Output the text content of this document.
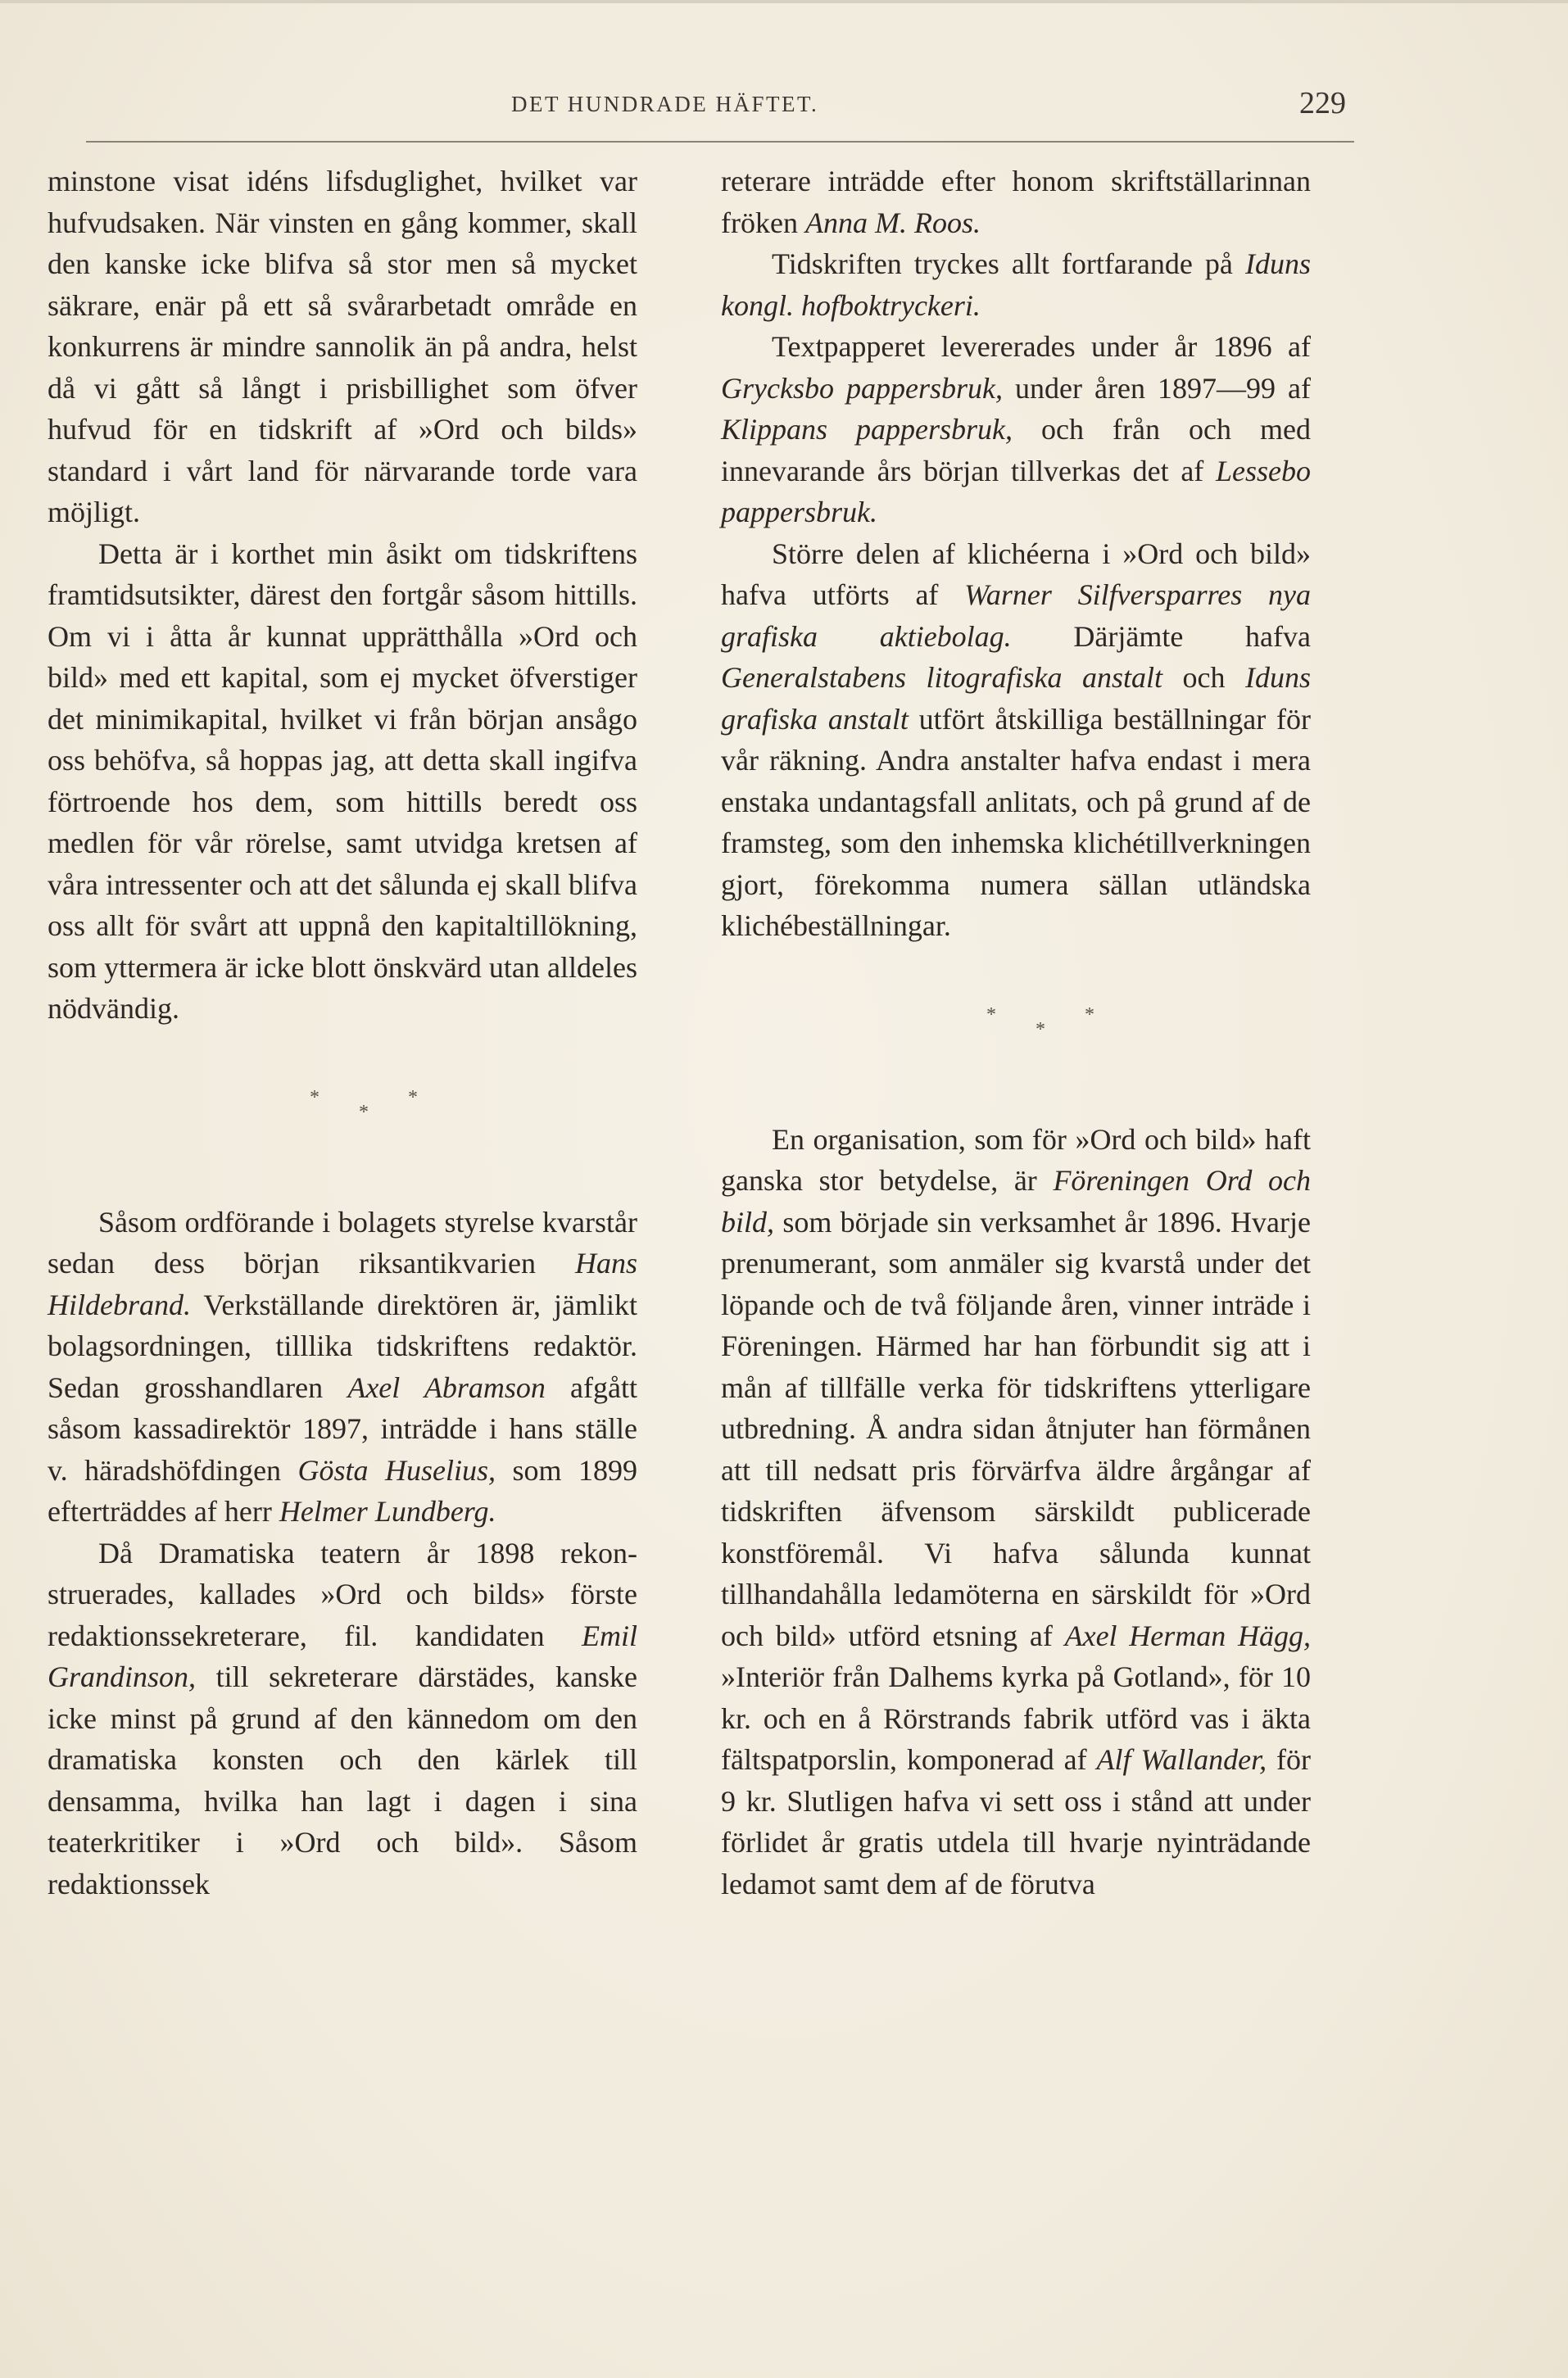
DET HUNDRADE HÄFTET.	229

minstone visat idéns lifsduglighet, hvilket var hufvudsaken. När vinsten en gång kommer, skall den kanske icke blifva så stor men så mycket säkrare, enär på ett så svårarbetadt område en konkurrens är mindre sannolik än på andra, helst då vi gått så långt i prisbillighet som öfver hufvud för en tidskrift af »Ord och bilds» standard i vårt land för närvarande torde vara möjligt.

Detta är i korthet min åsikt om tidskriftens framtidsutsikter, därest den fortgår såsom hittills. Om vi i åtta år kunnat upprätthålla »Ord och bild» med ett kapital, som ej mycket öfverstiger det minimikapital, hvilket vi från början ansågo oss behöfva, så hoppas jag, att detta skall ingifva förtroende hos dem, som hittills beredt oss medlen för vår rörelse, samt utvidga kretsen af våra intressenter och att det sålunda ej skall blifva oss allt för svårt att uppnå den kapitaltillökning, som yttermera är icke blott önskvärd utan alldeles nödvändig.

*
*
*

Såsom ordförande i bolagets styrelse kvarstår sedan dess början riksantikvarien Hans Hildebrand. Verkställande direktören är, jämlikt bolagsordningen, tilllika tidskriftens redaktör. Sedan grosshandlaren Axel Abramson afgått såsom kassadirektör 1897, inträdde i hans ställe v. häradshöfdingen Gösta Huselius, som 1899 efterträddes af herr Helmer Lundberg.

Då Dramatiska teatern år 1898 rekonstruerades, kallades »Ord och bilds» förste redaktionssekreterare, fil. kandidaten Emil Grandinson, till sekreterare därstädes, kanske icke minst på grund af den kännedom om den dramatiska konsten och den kärlek till densamma, hvilka han lagt i dagen i sina teaterkritiker i »Ord och bild». Såsom redaktionssek

reterare inträdde efter honom skriftställarinnan fröken Anna M. Roos.

Tidskriften tryckes allt fortfarande på Iduns kongl. hofboktryckeri.

Textpapperet levererades under år 1896 af Grycksbo pappersbruk, under åren 1897—99 af Klippans pappersbruk, och från och med innevarande års början tillverkas det af Lessebo pappersbruk.

Större delen af klichéerna i »Ord och bild» hafva utförts af Warner Silfversparres nya grafiska aktiebolag. Därjämte hafva Generalstabens litografiska anstalt och Iduns grafiska anstalt utfört åtskilliga beställningar för vår räkning. Andra anstalter hafva endast i mera enstaka undantagsfall anlitats, och på grund af de framsteg, som den inhemska klichétillverkningen gjort, förekomma numera sällan utländska klichébeställningar.

*
*
*

En organisation, som för »Ord och bild» haft ganska stor betydelse, är Föreningen Ord och bild, som började sin verksamhet år 1896. Hvarje prenumerant, som anmäler sig kvarstå under det löpande och de två följande åren, vinner inträde i Föreningen. Härmed har han förbundit sig att i mån af tillfälle verka för tidskriftens ytterligare utbredning. Å andra sidan åtnjuter han förmånen att till nedsatt pris förvärfva äldre årgångar af tidskriften äfvensom särskildt publicerade konstföremål. Vi hafva sålunda kunnat tillhandahålla ledamöterna en särskildt för »Ord och bild» utförd etsning af Axel Herman Hägg, »Interiör från Dalhems kyrka på Gotland», för 10 kr. och en å Rörstrands fabrik utförd vas i äkta fältspatporslin, komponerad af Alf Wallander, för 9 kr. Slutligen hafva vi sett oss i stånd att under förlidet år gratis utdela till hvarje nyinträdande ledamot samt dem af de förutva
